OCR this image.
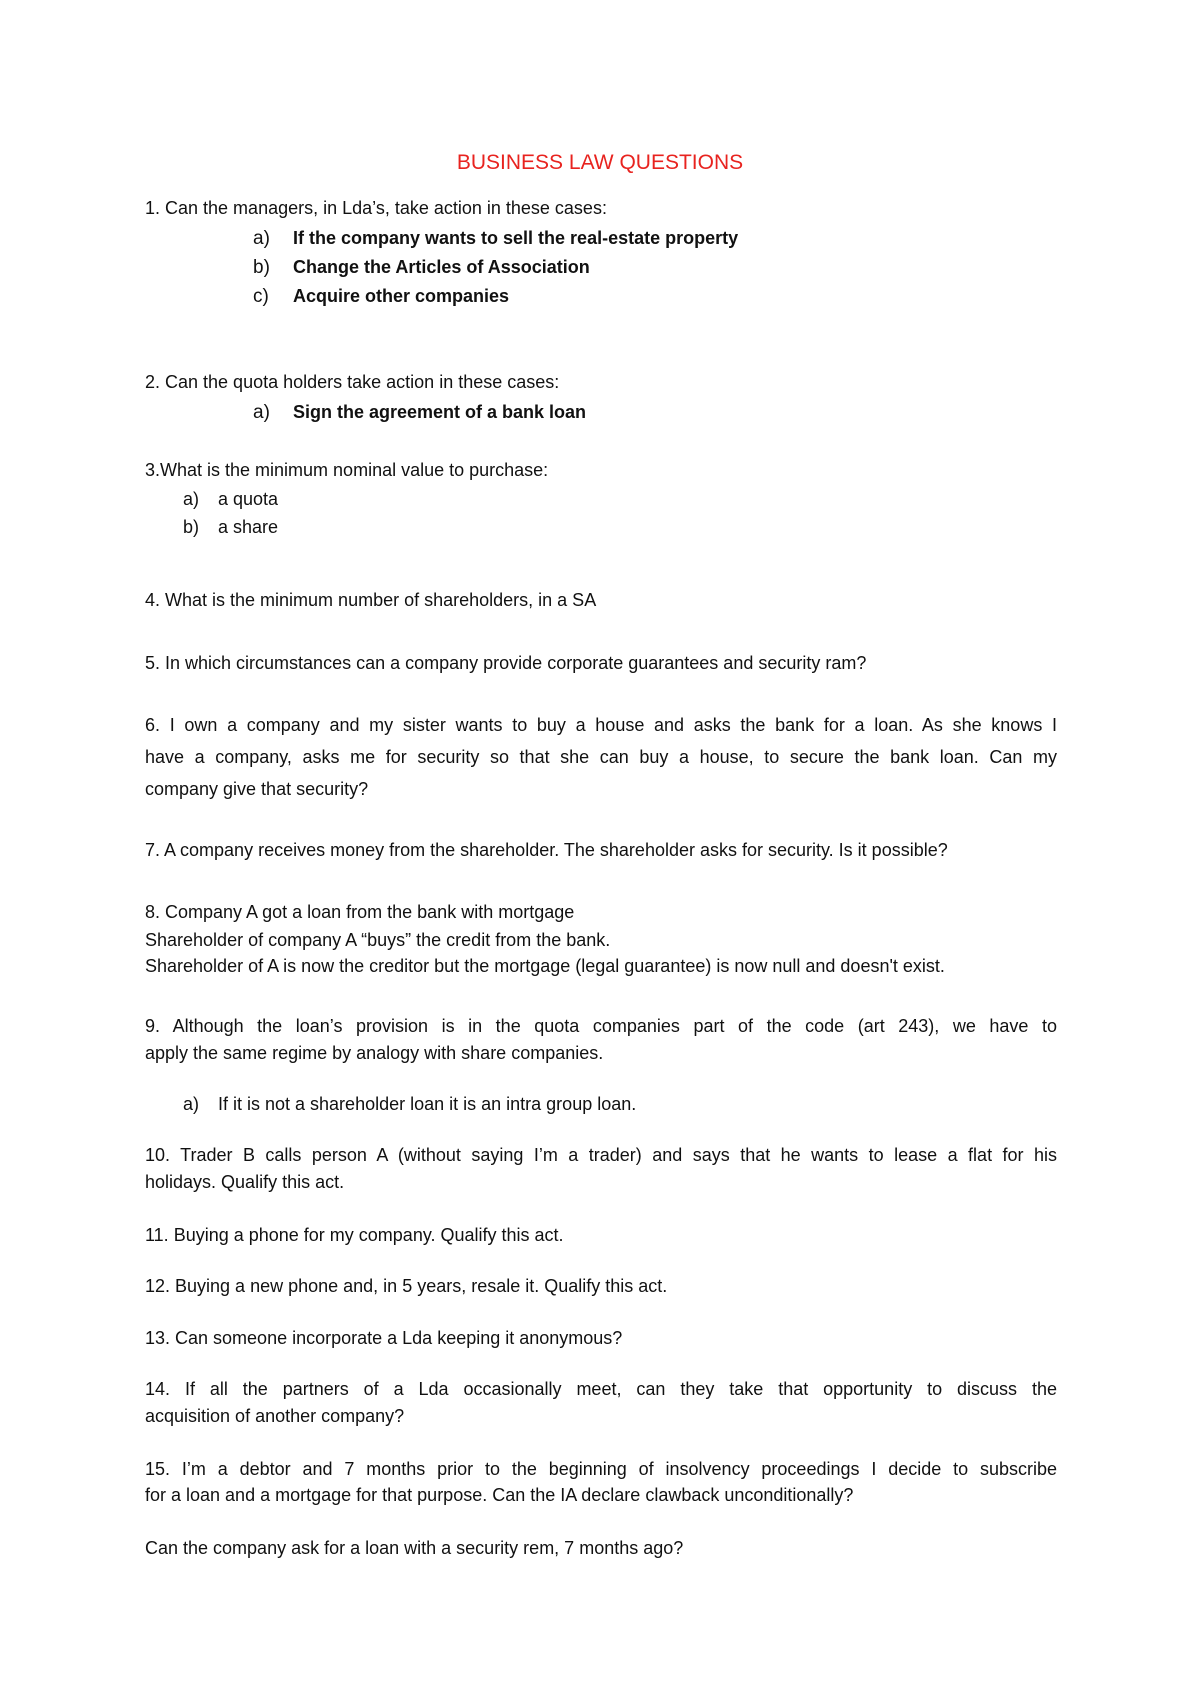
BUSINESS LAW QUESTIONS
1. Can the managers, in Lda’s, take action in these cases:
a) If the company wants to sell the real-estate property
b) Change the Articles of Association
c) Acquire other companies
2. Can the quota holders take action in these cases:
a) Sign the agreement of a bank loan
3.What is the minimum nominal value to purchase:
a) a quota
b) a share
4. What is the minimum number of shareholders, in a SA
5. In which circumstances can a company provide corporate guarantees and security ram?
6. I own a company and my sister wants to buy a house and asks the bank for a loan. As she knows I
have a company, asks me for security so that she can buy a house, to secure the bank loan. Can my
company give that security?
7. A company receives money from the shareholder. The shareholder asks for security. Is it possible?
8. Company A got a loan from the bank with mortgage
Shareholder of company A “buys” the credit from the bank.
Shareholder of A is now the creditor but the mortgage (legal guarantee) is now null and doesn't exist.
9. Although the loan’s provision is in the quota companies part of the code (art 243), we have to
apply the same regime by analogy with share companies.
a) If it is not a shareholder loan it is an intra group loan.
10. Trader B calls person A (without saying I’m a trader) and says that he wants to lease a flat for his
holidays. Qualify this act.
11. Buying a phone for my company. Qualify this act.
12. Buying a new phone and, in 5 years, resale it. Qualify this act.
13. Can someone incorporate a Lda keeping it anonymous?
14. If all the partners of a Lda occasionally meet, can they take that opportunity to discuss the
acquisition of another company?
15. I’m a debtor and 7 months prior to the beginning of insolvency proceedings I decide to subscribe
for a loan and a mortgage for that purpose. Can the IA declare clawback unconditionally?
Can the company ask for a loan with a security rem, 7 months ago?
